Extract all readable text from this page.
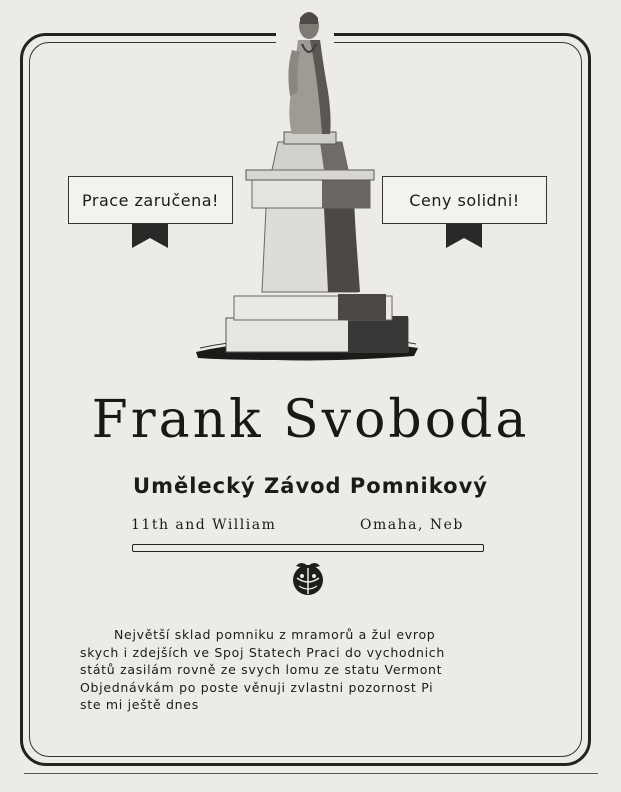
Prace zaručena!	Ceny solidni!
Frank Svoboda
Umělecký Závod Pomnikový
11th and William	Omaha, Neb
Největší sklad pomniku z mramorů a žul evrop
skych i zdejších ve Spoj Statech Praci do vychodnich
států zasilám rovně ze svych lomu ze statu Vermont
Objednávkám po poste věnuji zvlastni pozornost Pi
ste mi ještě dnes
